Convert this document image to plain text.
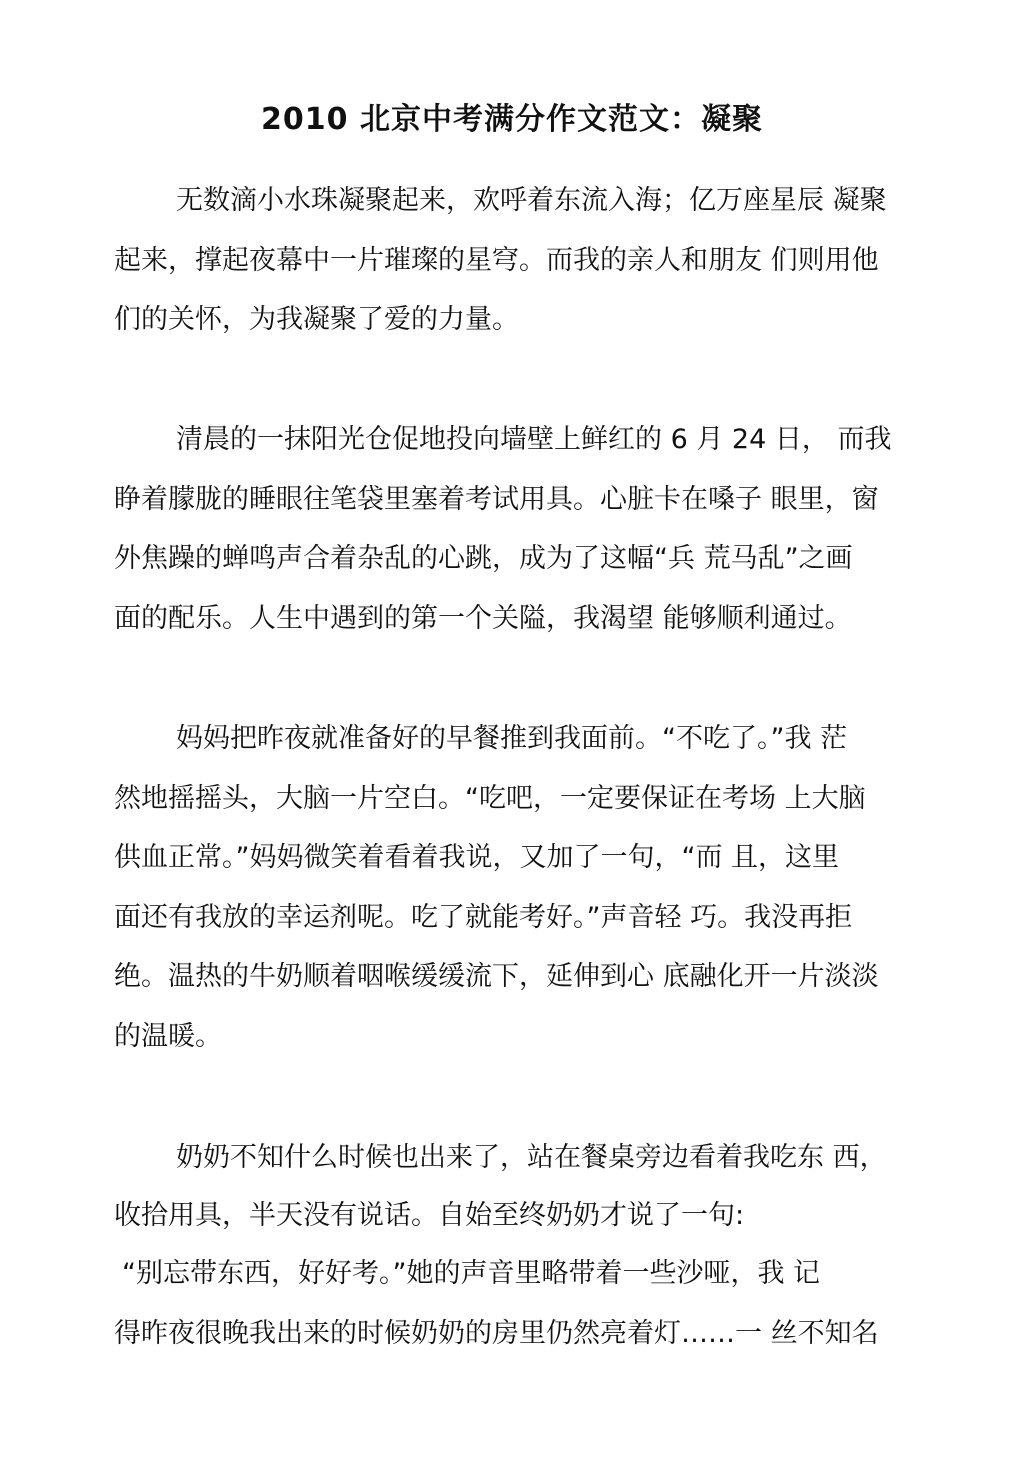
2010 北京中考满分作文范文：凝聚
无数滴小水珠凝聚起来，欢呼着东流入海；亿万座星辰 凝聚
起来，撑起夜幕中一片璀璨的星穹。而我的亲人和朋友 们则用他
们的关怀，为我凝聚了爱的力量。
清晨的一抹阳光仓促地投向墙壁上鲜红的 6 月 24 日， 而我
睁着朦胧的睡眼往笔袋里塞着考试用具。心脏卡在嗓子 眼里，窗
外焦躁的蝉鸣声合着杂乱的心跳，成为了这幅“兵 荒马乱”之画
面的配乐。人生中遇到的第一个关隘，我渴望 能够顺利通过。
妈妈把昨夜就准备好的早餐推到我面前。“不吃了。”我 茫
然地摇摇头，大脑一片空白。“吃吧，一定要保证在考场 上大脑
供血正常。”妈妈微笑着看着我说，又加了一句，“而 且，这里
面还有我放的幸运剂呢。吃了就能考好。”声音轻 巧。我没再拒
绝。温热的牛奶顺着咽喉缓缓流下，延伸到心 底融化开一片淡淡
的温暖。
奶奶不知什么时候也出来了，站在餐桌旁边看着我吃东 西，
收拾用具，半天没有说话。自始至终奶奶才说了一句:
“别忘带东西，好好考。”她的声音里略带着一些沙哑，我 记
得昨夜很晚我出来的时候奶奶的房里仍然亮着灯……一 丝不知名
